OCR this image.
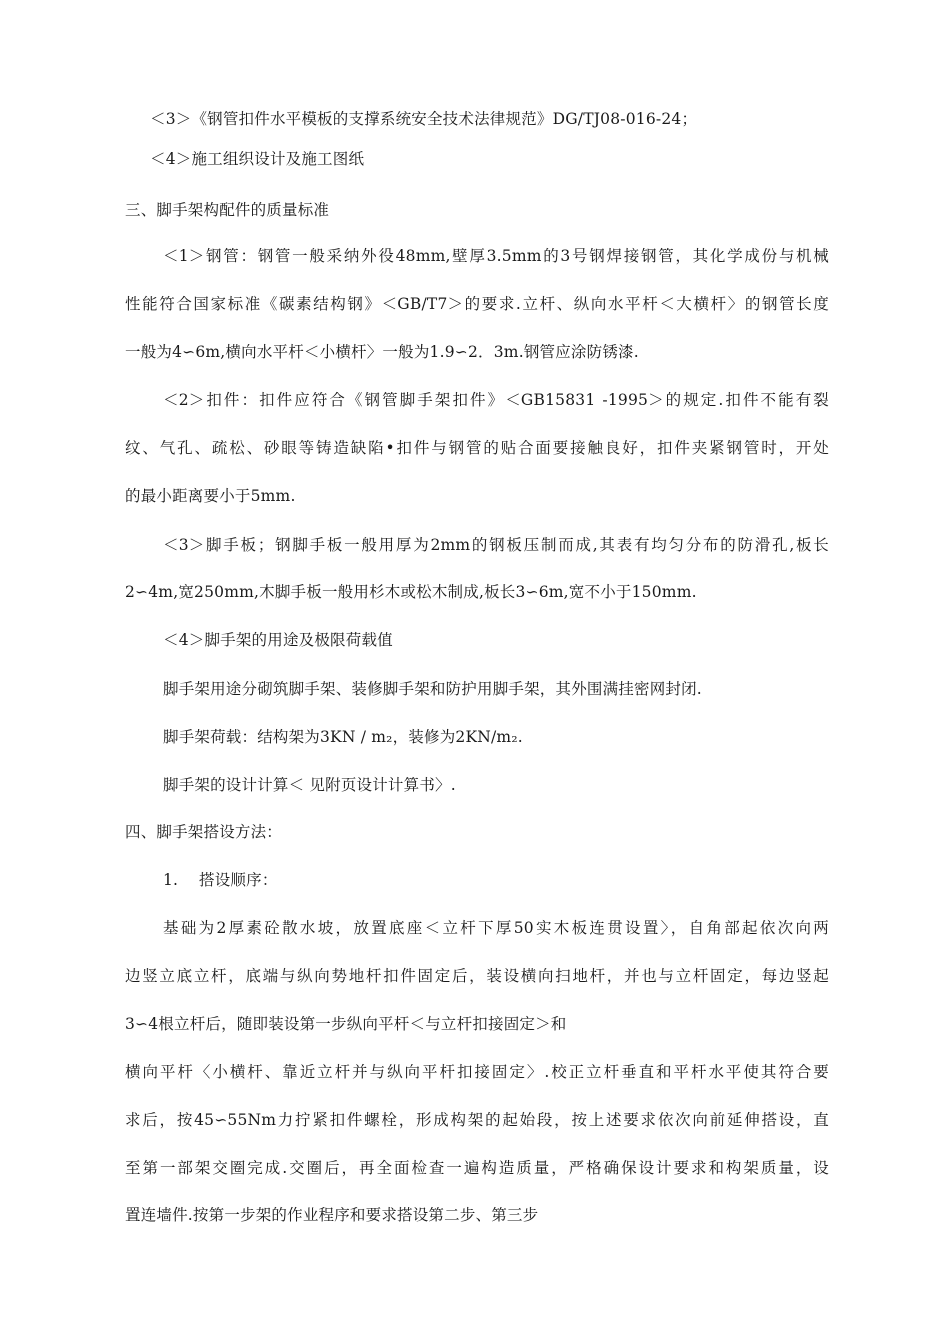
＜3＞《钢管扣件水平模板的支撑系统安全技术法律规范》DG/TJ08-016-24；
＜4＞施工组织设计及施工图纸
三、脚手架构配件的质量标准
＜1＞钢管：钢管一般采纳外役48mm,壁厚3.5mm的3号钢焊接钢管，其化学成份与机械
性能符合国家标准《碳素结构钢》＜GB/T7＞的要求.立杆、纵向水平杆＜大横杆〉的钢管长度
一般为4∽6m,横向水平杆＜小横杆〉一般为1.9∽2．3m.钢管应涂防锈漆.
＜2＞扣件：扣件应符合《钢管脚手架扣件》＜GB15831 -1995＞的规定.扣件不能有裂
纹、气孔、疏松、砂眼等铸造缺陷•扣件与钢管的贴合面要接触良好，扣件夹紧钢管时，开处
的最小距离要小于5mm.
＜3＞脚手板；钢脚手板一般用厚为2mm的钢板压制而成,其表有均匀分布的防滑孔,板长
2∽4m,宽250mm,木脚手板一般用杉木或松木制成,板长3∽6m,宽不小于150mm.
＜4＞脚手架的用途及极限荷载值
脚手架用途分砌筑脚手架、装修脚手架和防护用脚手架，其外围满挂密网封闭.
脚手架荷载：结构架为3KN / m₂，装修为2KN/m₂.
脚手架的设计计算＜ 见附页设计计算书〉.
四、脚手架搭设方法：
1.　 搭设顺序：
基础为2厚素砼散水坡，放置底座＜立杆下厚50实木板连贯设置〉，自角部起依次向两
边竖立底立杆，底端与纵向势地杆扣件固定后，装设横向扫地杆，并也与立杆固定，每边竖起
3∽4根立杆后，随即装设第一步纵向平杆＜与立杆扣接固定＞和
横向平杆〈小横杆、靠近立杆并与纵向平杆扣接固定〉.校正立杆垂直和平杆水平使其符合要
求后，按45∽55Nm力拧紧扣件螺栓，形成构架的起始段，按上述要求依次向前延伸搭设，直
至第一部架交圈完成.交圈后，再全面检查一遍构造质量，严格确保设计要求和构架质量，设
置连墙件.按第一步架的作业程序和要求搭设第二步、第三步
